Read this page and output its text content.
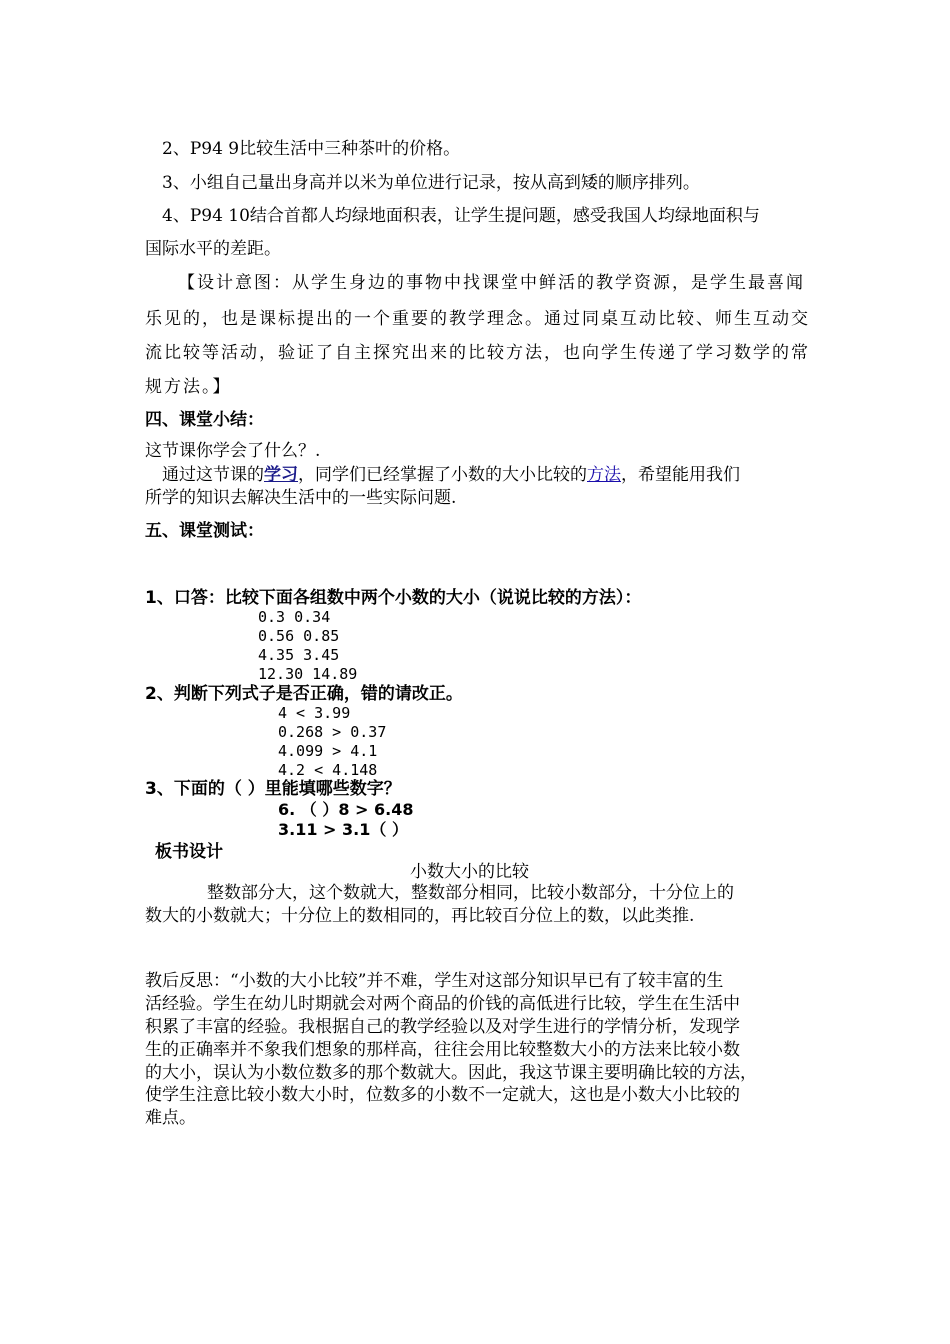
2、P94 9比较生活中三种茶叶的价格。
3、小组自己量出身高并以米为单位进行记录，按从高到矮的顺序排列。
4、P94 10结合首都人均绿地面积表，让学生提问题，感受我国人均绿地面积与
国际水平的差距。
【设计意图：从学生身边的事物中找课堂中鲜活的教学资源，是学生最喜闻
乐见的，也是课标提出的一个重要的教学理念。通过同桌互动比较、师生互动交
流比较等活动，验证了自主探究出来的比较方法，也向学生传递了学习数学的常
规方法。】
四、课堂小结：
这节课你学会了什么？.
通过这节课的学习，同学们已经掌握了小数的大小比较的方法，希望能用我们
所学的知识去解决生活中的一些实际问题.
五、课堂测试：
1、口答：比较下面各组数中两个小数的大小（说说比较的方法）：
0.3 0.34
0.56 0.85
4.35 3.45
12.30 14.89
2、判断下列式子是否正确，错的请改正。
4 < 3.99
0.268 > 0.37
4.099 > 4.1
4.2 < 4.148
3、下面的（ ）里能填哪些数字？
6. （ ）8 > 6.48
3.11 > 3.1（ ）
板书设计
小数大小的比较
整数部分大，这个数就大，整数部分相同，比较小数部分，十分位上的
数大的小数就大；十分位上的数相同的，再比较百分位上的数，以此类推.
教后反思：“小数的大小比较”并不难，学生对这部分知识早已有了较丰富的生
活经验。学生在幼儿时期就会对两个商品的价钱的高低进行比较，学生在生活中
积累了丰富的经验。我根据自己的教学经验以及对学生进行的学情分析，发现学
生的正确率并不象我们想象的那样高，往往会用比较整数大小的方法来比较小数
的大小，误认为小数位数多的那个数就大。因此，我这节课主要明确比较的方法，
使学生注意比较小数大小时，位数多的小数不一定就大，这也是小数大小比较的
难点。
